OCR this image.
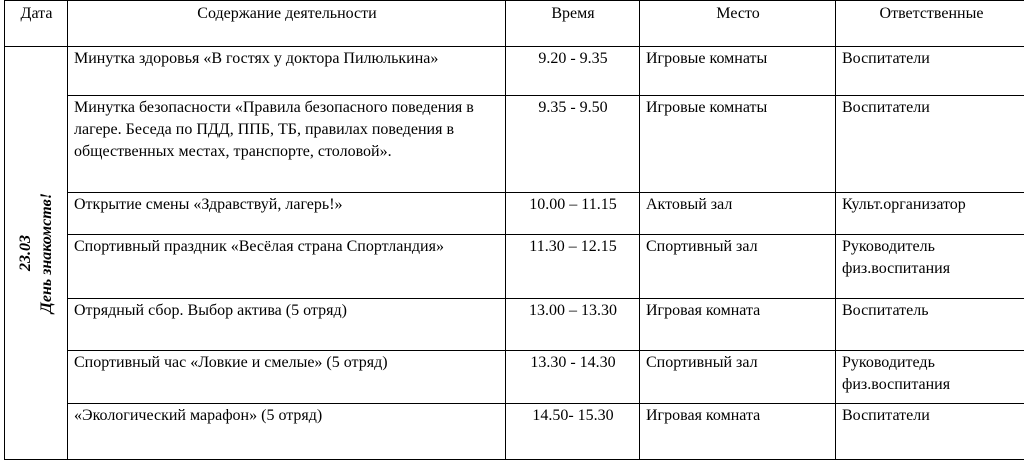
Дата	Содержание деятельности	Время	Место	Ответственные

23.03 День знакомств!	Минутка здоровья «В гостях у доктора Пилюлькина»	9.20 - 9.35	Игровые комнаты	Воспитатели
	Минутка безопасности «Правила безопасного поведения в лагере. Беседа по ПДД, ППБ, ТБ, правилах поведения в общественных местах, транспорте, столовой».	9.35 - 9.50	Игровые комнаты	Воспитатели
	Открытие смены «Здравствуй, лагерь!»	10.00 – 11.15	Актовый зал	Культ.организатор
	Спортивный праздник «Весёлая страна Спортландия»	11.30 – 12.15	Спортивный зал	Руководитель физ.воспитания
	Отрядный сбор. Выбор актива (5 отряд)	13.00 – 13.30	Игровая комната	Воспитатель
	Спортивный час «Ловкие и смелые» (5 отряд)	13.30 - 14.30	Спортивный зал	Руководитедь физ.воспитания
	«Экологический марафон» (5 отряд)	14.50- 15.30	Игровая комната	Воспитатели
